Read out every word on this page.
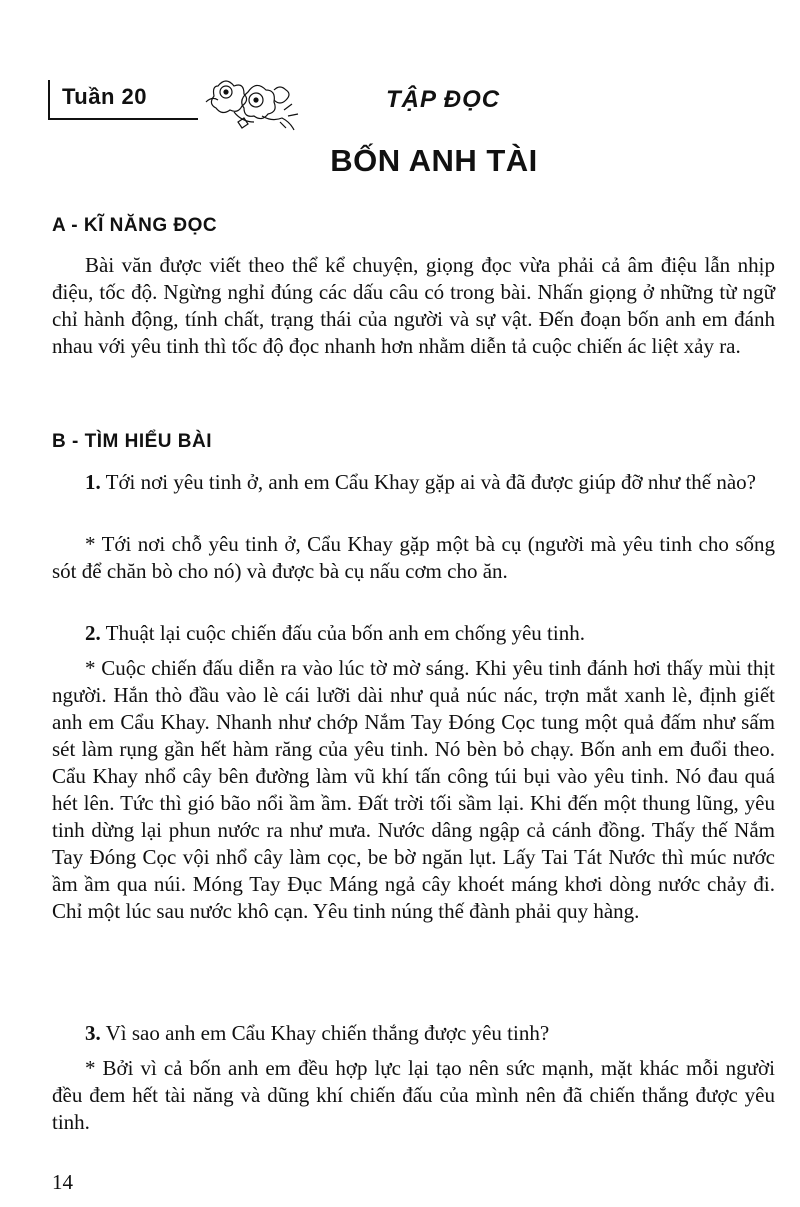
Tuần 20	TẬP ĐỌC
BỐN ANH TÀI
A - KĨ NĂNG ĐỌC
Bài văn được viết theo thể kể chuyện, giọng đọc vừa phải cả âm điệu lẫn nhịp điệu, tốc độ. Ngừng nghỉ đúng các dấu câu có trong bài. Nhấn giọng ở những từ ngữ chỉ hành động, tính chất, trạng thái của người và sự vật. Đến đoạn bốn anh em đánh nhau với yêu tinh thì tốc độ đọc nhanh hơn nhằm diễn tả cuộc chiến ác liệt xảy ra.
B - TÌM HIỂU BÀI
1. Tới nơi yêu tinh ở, anh em Cẩu Khay gặp ai và đã được giúp đỡ như thế nào?
* Tới nơi chỗ yêu tinh ở, Cẩu Khay gặp một bà cụ (người mà yêu tinh cho sống sót để chăn bò cho nó) và được bà cụ nấu cơm cho ăn.
2. Thuật lại cuộc chiến đấu của bốn anh em chống yêu tinh.
* Cuộc chiến đấu diễn ra vào lúc tờ mờ sáng. Khi yêu tinh đánh hơi thấy mùi thịt người. Hắn thò đầu vào lè cái lưỡi dài như quả núc nác, trợn mắt xanh lè, định giết anh em Cẩu Khay. Nhanh như chớp Nắm Tay Đóng Cọc tung một quả đấm như sấm sét làm rụng gần hết hàm răng của yêu tinh. Nó bèn bỏ chạy. Bốn anh em đuổi theo. Cẩu Khay nhổ cây bên đường làm vũ khí tấn công túi bụi vào yêu tinh. Nó đau quá hét lên. Tức thì gió bão nổi ầm ầm. Đất trời tối sầm lại. Khi đến một thung lũng, yêu tinh dừng lại phun nước ra như mưa. Nước dâng ngập cả cánh đồng. Thấy thế Nắm Tay Đóng Cọc vội nhổ cây làm cọc, be bờ ngăn lụt. Lấy Tai Tát Nước thì múc nước ầm ầm qua núi. Móng Tay Đục Máng ngả cây khoét máng khơi dòng nước chảy đi. Chỉ một lúc sau nước khô cạn. Yêu tinh núng thế đành phải quy hàng.
3. Vì sao anh em Cẩu Khay chiến thắng được yêu tinh?
* Bởi vì cả bốn anh em đều hợp lực lại tạo nên sức mạnh, mặt khác mỗi người đều đem hết tài năng và dũng khí chiến đấu của mình nên đã chiến thắng được yêu tinh.
14
